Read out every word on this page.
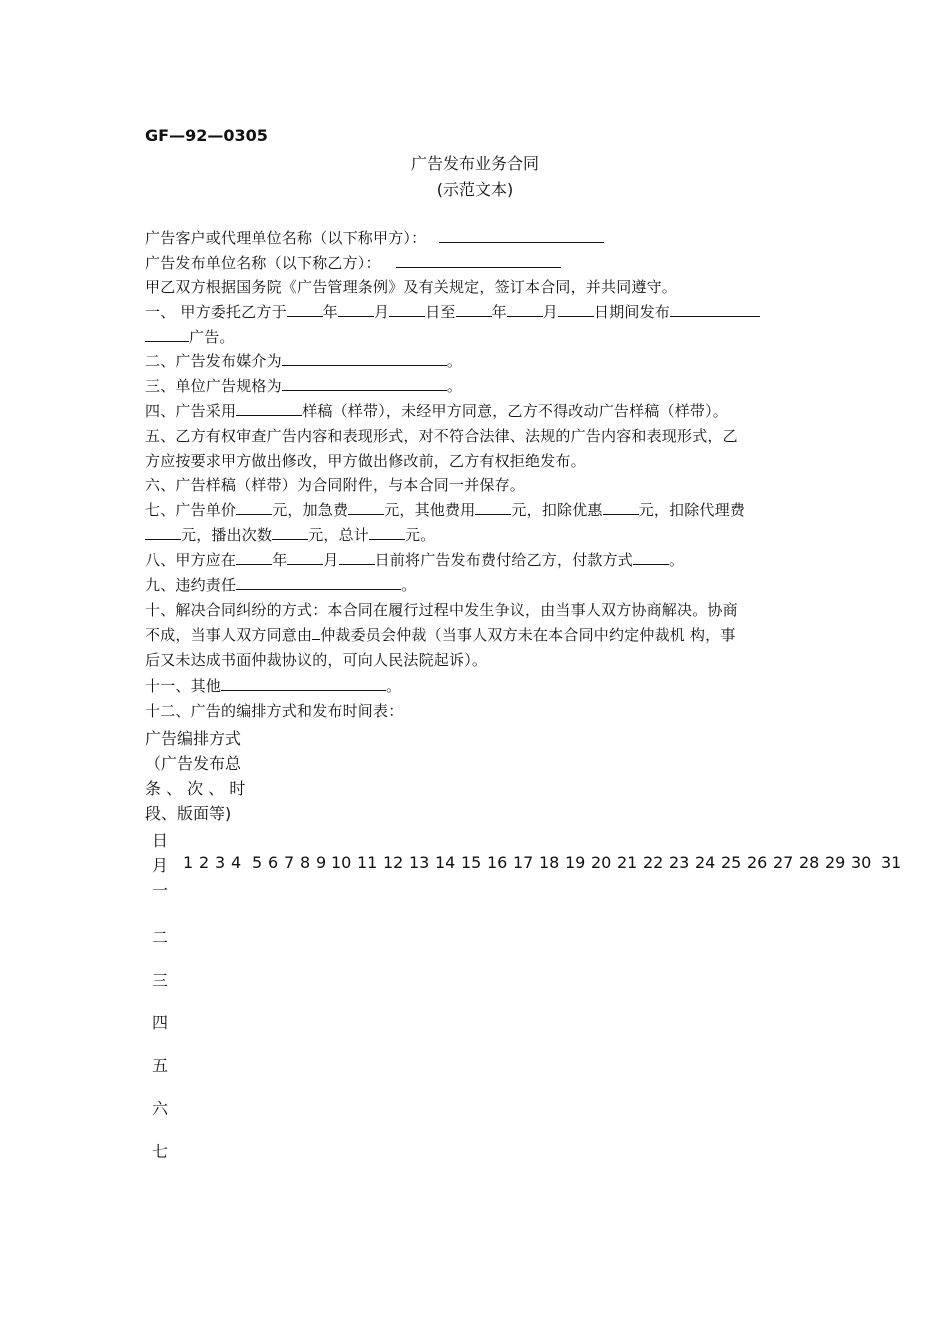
GF—92—0305
广告发布业务合同
(示范文本)
广告客户或代理单位名称（以下称甲方）：
广告发布单位名称（以下称乙方）：
甲乙双方根据国务院《广告管理条例》及有关规定，签订本合同，并共同遵守。
一、 甲方委托乙方于 年 月 日至 年 月 日期间发布
广告。
二、广告发布媒介为	。
三、单位广告规格为	。
四、广告采用	样稿（样带），未经甲方同意，乙方不得改动广告样稿（样带）。
五、乙方有权审查广告内容和表现形式，对不符合法律、法规的广告内容和表现形式，乙
方应按要求甲方做出修改，甲方做出修改前，乙方有权拒绝发布。
六、广告样稿（样带）为合同附件，与本合同一并保存。
七、广告单价 元，加急费 元，其他费用 元，扣除优惠 元，扣除代理费
元，播出次数 元，总计 元。
八、甲方应在 年 月 日前将广告发布费付给乙方，付款方式 。
九、违约责任	。
十、解决合同纠纷的方式：本合同在履行过程中发生争议，由当事人双方协商解决。协商
不成，当事人双方同意由 仲裁委员会仲裁（当事人双方未在本合同中约定仲裁机 构，事
后又未达成书面仲裁协议的，可向人民法院起诉）。
十一、其他	。
十二、广告的编排方式和发布时间表：
广告编排方式
（广告发布总
条 、 次 、 时
段、版面等)
日
月 1 2 3 4 5 6 7 8 9 10 11 12 13 14 15 16 17 18 19 20 21 22 23 24 25 26 27 28 29 30 31
一
二
三
四
五
六
七
